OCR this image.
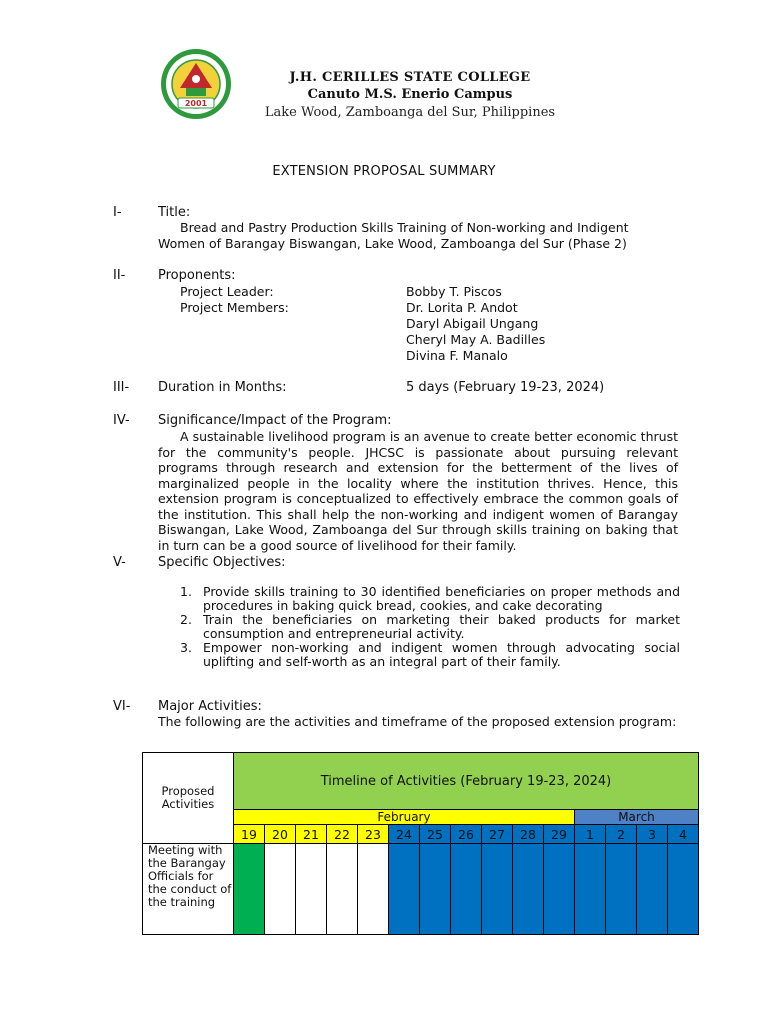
2001
J.H. CERILLES STATE COLLEGE
Canuto M.S. Enerio Campus
Lake Wood, Zamboanga del Sur, Philippines
EXTENSION PROPOSAL SUMMARY
I-	Title:
Bread and Pastry Production Skills Training of Non-working and Indigent
Women of Barangay Biswangan, Lake Wood, Zamboanga del Sur (Phase 2)
II-	Proponents:
Project Leader:	Bobby T. Piscos
Project Members:	Dr. Lorita P. Andot
Daryl Abigail Ungang
Cheryl May A. Badilles
Divina F. Manalo
III- Duration in Months:	5 days (February 19-23, 2024)
IV- Significance/Impact of the Program:
A sustainable livelihood program is an avenue to create better economic thrust for the community's people. JHCSC is passionate about pursuing relevant programs through research and extension for the betterment of the lives of marginalized people in the locality where the institution thrives. Hence, this extension program is conceptualized to effectively embrace the common goals of the institution. This shall help the non-working and indigent women of Barangay Biswangan, Lake Wood, Zamboanga del Sur through skills training on baking that in turn can be a good source of livelihood for their family.
V- Specific Objectives:
1. Provide skills training to 30 identified beneficiaries on proper methods and procedures in baking quick bread, cookies, and cake decorating
2. Train the beneficiaries on marketing their baked products for market consumption and entrepreneurial activity.
3. Empower non-working and indigent women through advocating social uplifting and self-worth as an integral part of their family.
VI- Major Activities:
The following are the activities and timeframe of the proposed extension program:
Proposed Activities	Timeline of Activities (February 19-23, 2024)														
	February											March			
	19	20	21	22	23	24	25	26	27	28	29	1	2	3	4
Meeting with the Barangay Officials for the conduct of the training															
